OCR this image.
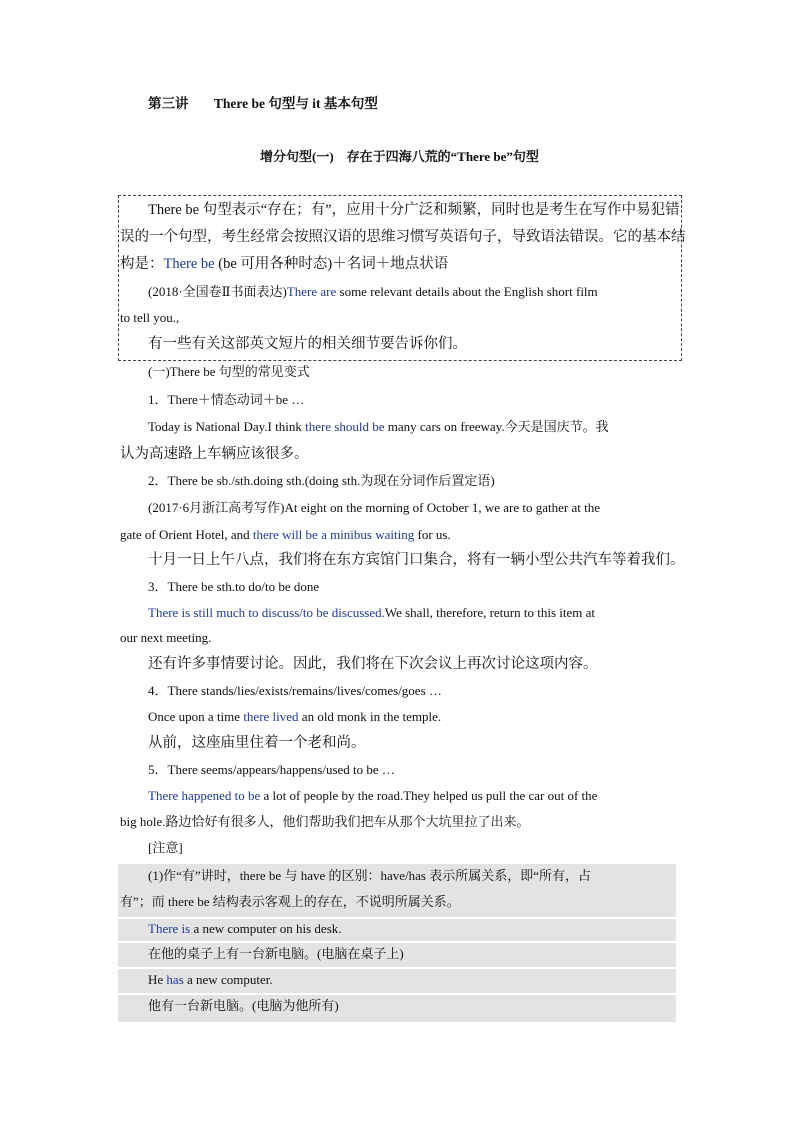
第三讲 There be 句型与 it 基本句型
增分句型(一)　存在于四海八荒的“There be”句型
There be 句型表示“存在；有”，应用十分广泛和频繁，同时也是考生在写作中易犯错
误的一个句型，考生经常会按照汉语的思维习惯写英语句子，导致语法错误。它的基本结
构是：There be (be 可用各种时态)＋名词＋地点状语
(2018·全国卷Ⅱ书面表达)There are some relevant details about the English short film
to tell you.,
有一些有关这部英文短片的相关细节要告诉你们。
(一)There be 句型的常见变式
1．There＋情态动词＋be …
Today is National Day.I think there should be many cars on freeway.今天是国庆节。我
认为高速路上车辆应该很多。
2．There be sb./sth.doing sth.(doing sth.为现在分词作后置定语)
(2017·6月浙江高考写作)At eight on the morning of October 1, we are to gather at the
gate of Orient Hotel, and there will be a minibus waiting for us.
十月一日上午八点，我们将在东方宾馆门口集合，将有一辆小型公共汽车等着我们。
3．There be sth.to do/to be done
There is still much to discuss/to be discussed.We shall, therefore, return to this item at
our next meeting.
还有许多事情要讨论。因此，我们将在下次会议上再次讨论这项内容。
4．There stands/lies/exists/remains/lives/comes/goes …
Once upon a time there lived an old monk in the temple.
从前，这座庙里住着一个老和尚。
5．There seems/appears/happens/used to be …
There happened to be a lot of people by the road.They helped us pull the car out of the
big hole.路边恰好有很多人，他们帮助我们把车从那个大坑里拉了出来。
[注意]
(1)作“有”讲时，there be 与 have 的区别：have/has 表示所属关系，即“所有，占
有”；而 there be 结构表示客观上的存在，不说明所属关系。
There is a new computer on his desk.
在他的桌子上有一台新电脑。(电脑在桌子上)
He has a new computer.
他有一台新电脑。(电脑为他所有)
